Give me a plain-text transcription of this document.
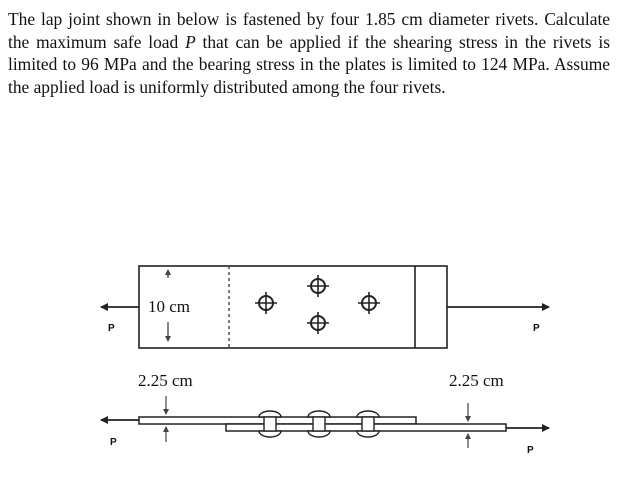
The lap joint shown in below is fastened by four 1.85 cm diameter rivets. Calculate the maximum safe load P that can be applied if the shearing stress in the rivets is limited to 96 MPa and the bearing stress in the plates is limited to 124 MPa. Assume the applied load is uniformly distributed among the four rivets.
10 cm
P	P
2.25 cm	2.25 cm
P
P
